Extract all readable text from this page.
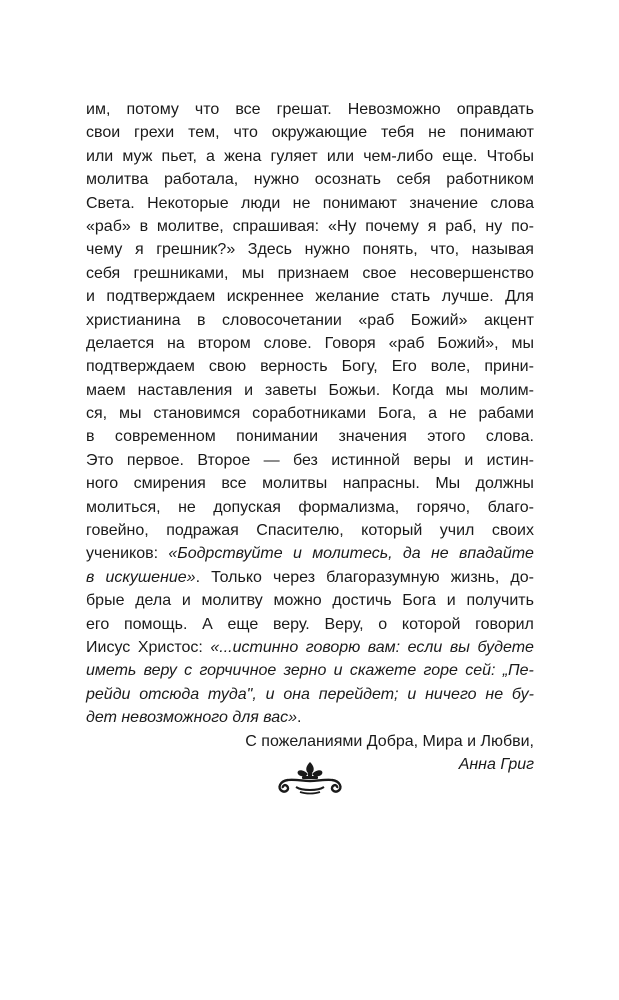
им, потому что все грешат. Невозможно оправдать
свои грехи тем, что окружающие тебя не понимают
или муж пьет, а жена гуляет или чем-либо еще. Чтобы
молитва работала, нужно осознать себя работником
Света. Некоторые люди не понимают значение слова
«раб» в молитве, спрашивая: «Ну почему я раб, ну по-
чему я грешник?» Здесь нужно понять, что, называя
себя грешниками, мы признаем свое несовершенство
и подтверждаем искреннее желание стать лучше. Для
христианина в словосочетании «раб Божий» акцент
делается на втором слове. Говоря «раб Божий», мы
подтверждаем свою верность Богу, Его воле, прини-
маем наставления и заветы Божьи. Когда мы молим-
ся, мы становимся соработниками Бога, а не рабами
в современном понимании значения этого слова.
Это первое. Второе — без истинной веры и истин-
ного смирения все молитвы напрасны. Мы должны
молиться, не допуская формализма, горячо, благо-
говейно, подражая Спасителю, который учил своих
учеников: «Бодрствуйте и молитесь, да не впадайте
в искушение». Только через благоразумную жизнь, до-
брые дела и молитву можно достичь Бога и получить
его помощь. А еще веру. Веру, о которой говорил
Иисус Христос: «...истинно говорю вам: если вы будете
иметь веру с горчичное зерно и скажете горе сей: „Пе-
рейди отсюда туда", и она перейдет; и ничего не бу-
дет невозможного для вас».
С пожеланиями Добра, Мира и Любви,
Анна Григ
